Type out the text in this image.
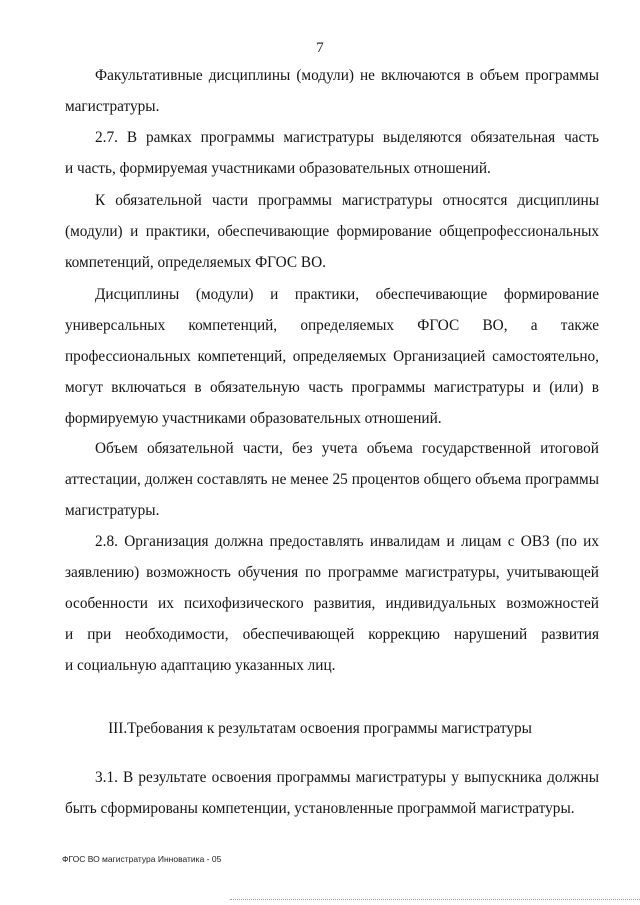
7
Факультативные дисциплины (модули) не включаются в объем программы
магистратуры.
2.7. В рамках программы магистратуры выделяются обязательная часть
и часть, формируемая участниками образовательных отношений.
К обязательной части программы магистратуры относятся дисциплины
(модули) и практики, обеспечивающие формирование общепрофессиональных
компетенций, определяемых ФГОС ВО.
Дисциплины (модули) и практики, обеспечивающие формирование
универсальных компетенций, определяемых ФГОС ВО, а также
профессиональных компетенций, определяемых Организацией самостоятельно,
могут включаться в обязательную часть программы магистратуры и (или) в
формируемую участниками образовательных отношений.
Объем обязательной части, без учета объема государственной итоговой
аттестации, должен составлять не менее 25 процентов общего объема программы
магистратуры.
2.8. Организация должна предоставлять инвалидам и лицам с ОВЗ (по их
заявлению) возможность обучения по программе магистратуры, учитывающей
особенности их психофизического развития, индивидуальных возможностей
и при необходимости, обеспечивающей коррекцию нарушений развития
и социальную адаптацию указанных лиц.
III.Требования к результатам освоения программы магистратуры
3.1. В результате освоения программы магистратуры у выпускника должны
быть сформированы компетенции, установленные программой магистратуры.
ФГОС ВО магистратура Инноватика - 05
